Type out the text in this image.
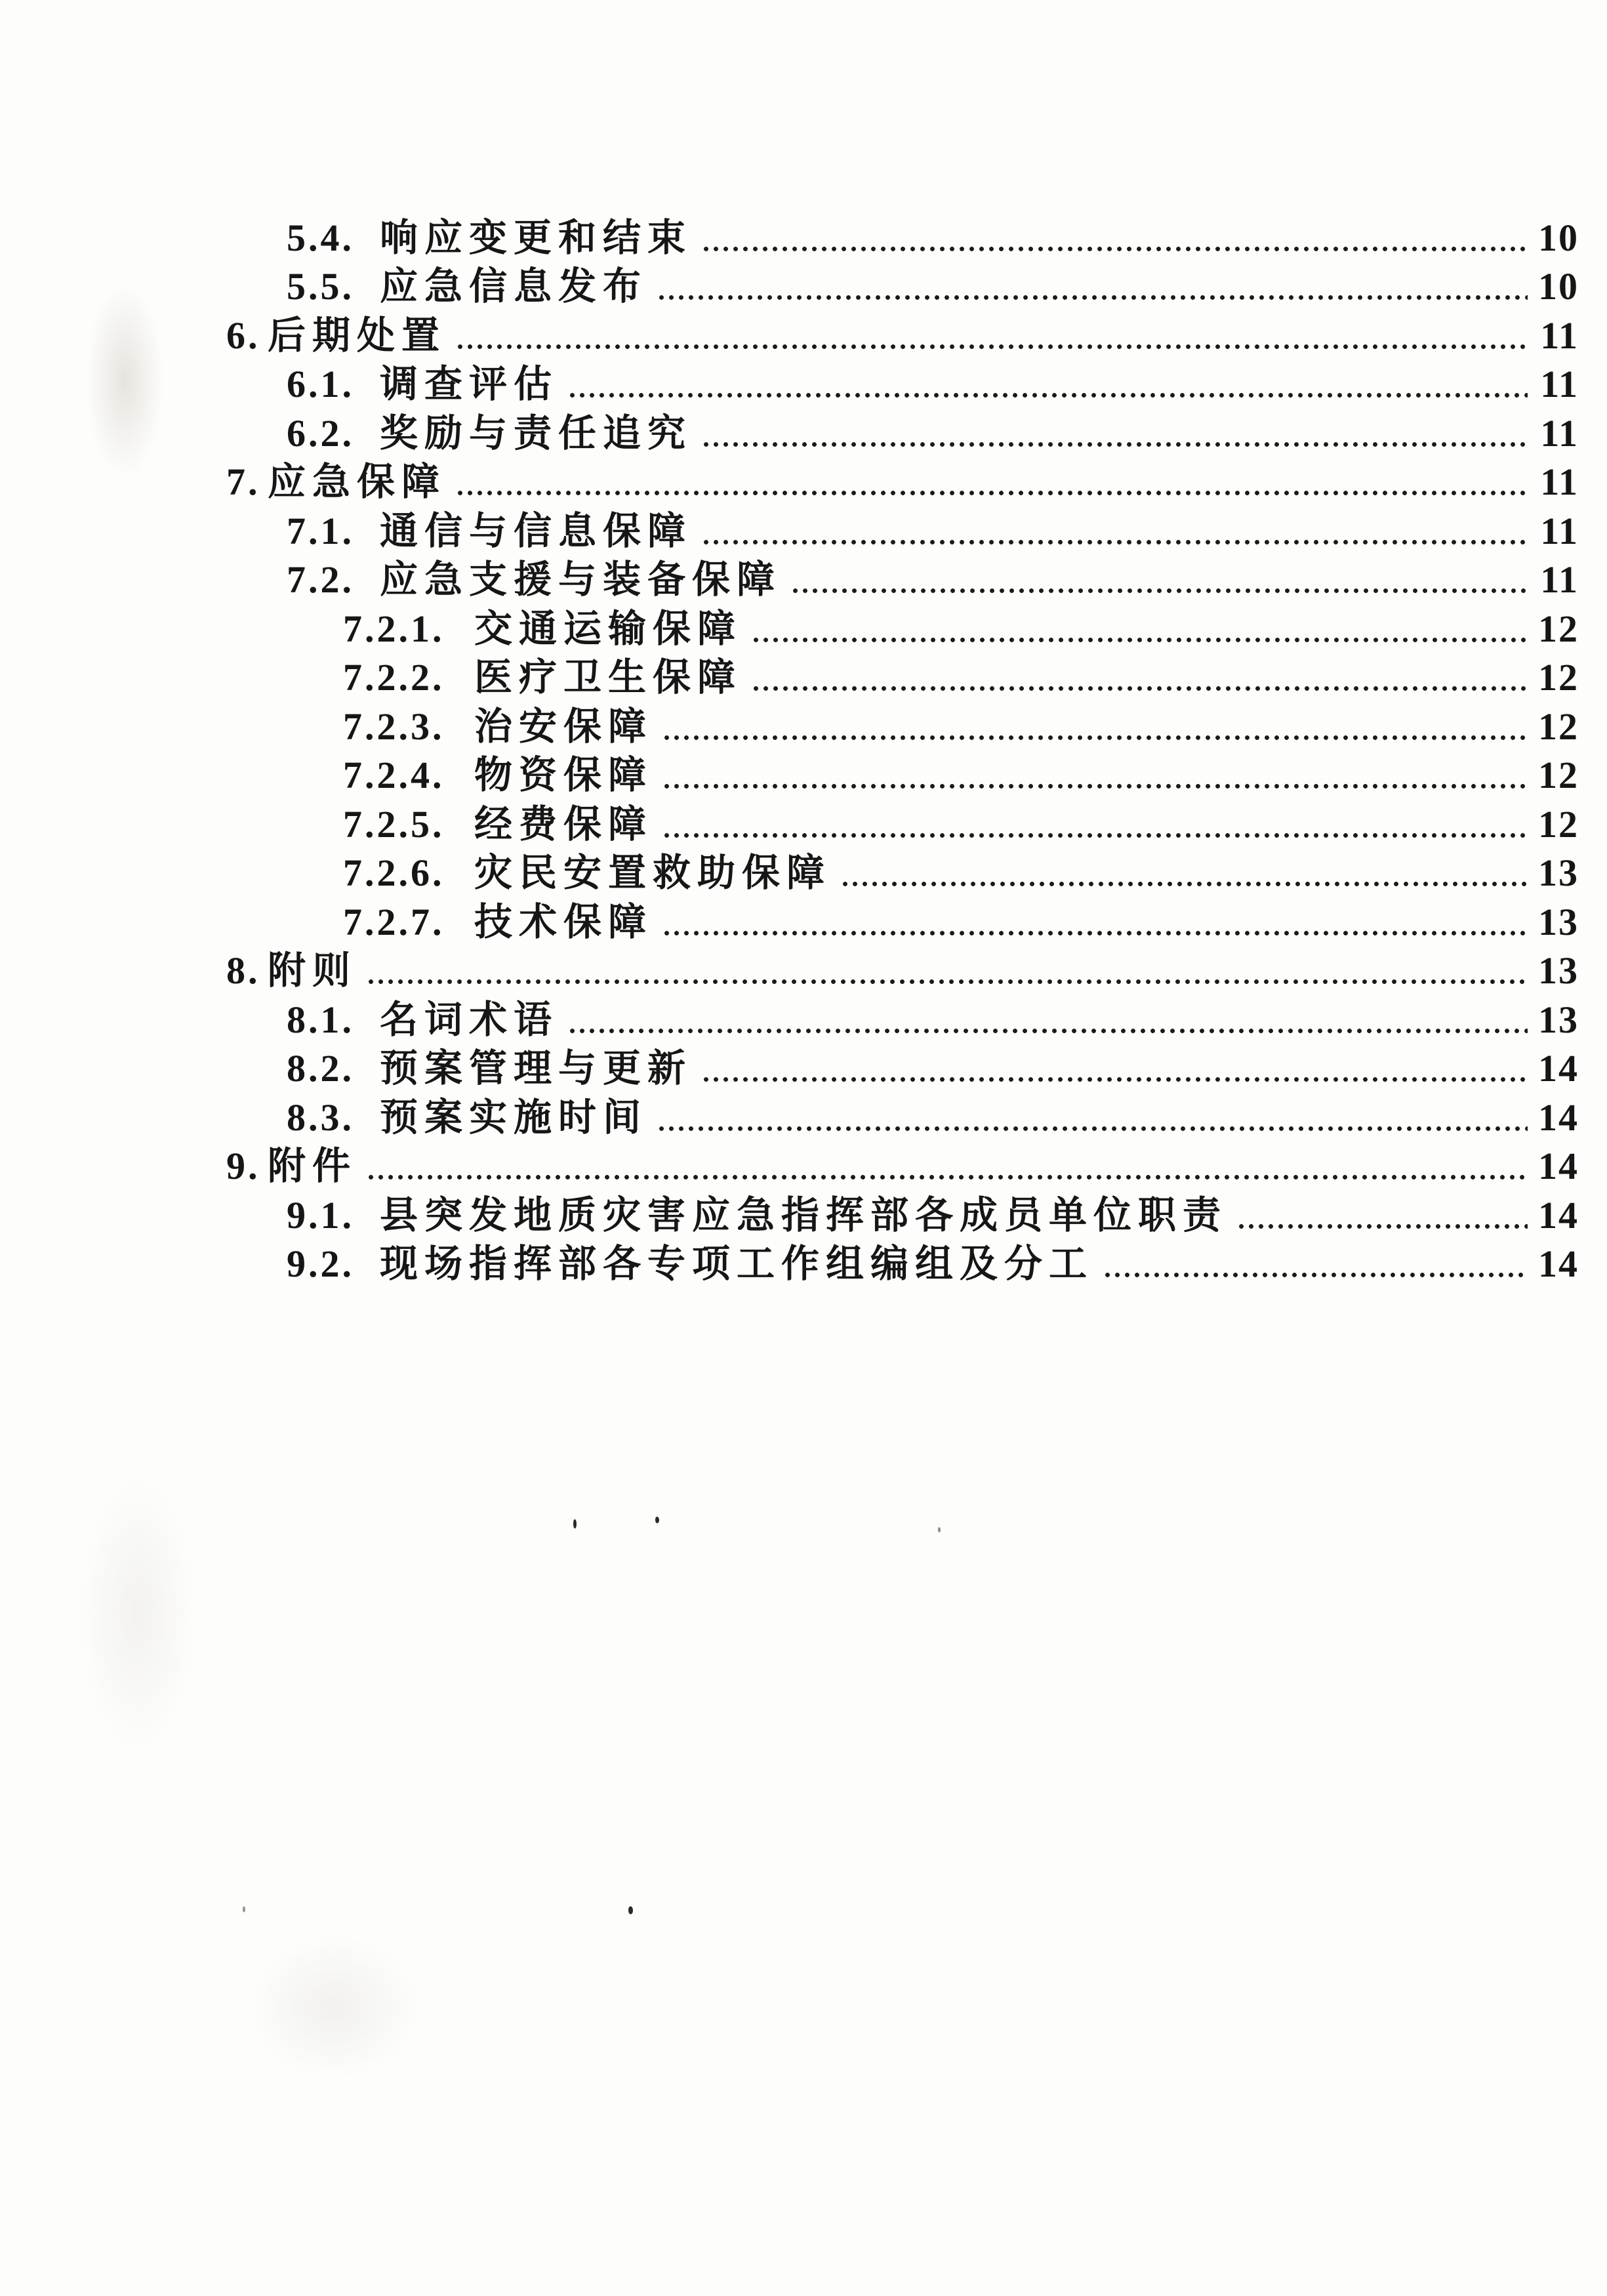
5.4. 响应变更和结束	10
5.5. 应急信息发布	10
6. 后期处置	11
6.1. 调查评估	11
6.2. 奖励与责任追究	11
7. 应急保障	11
7.1. 通信与信息保障	11
7.2. 应急支援与装备保障	11
7.2.1. 交通运输保障	12
7.2.2. 医疗卫生保障	12
7.2.3. 治安保障	12
7.2.4. 物资保障	12
7.2.5. 经费保障	12
7.2.6. 灾民安置救助保障	13
7.2.7. 技术保障	13
8. 附则	13
8.1. 名词术语	13
8.2. 预案管理与更新	14
8.3. 预案实施时间	14
9. 附件	14
9.1. 县突发地质灾害应急指挥部各成员单位职责	14
9.2. 现场指挥部各专项工作组编组及分工	14
